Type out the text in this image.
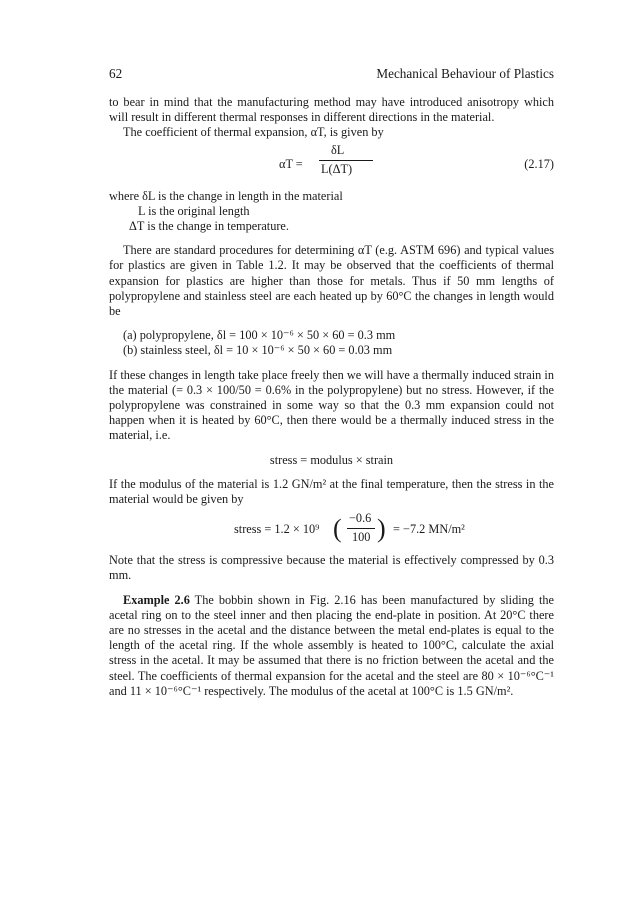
62	Mechanical Behaviour of Plastics

to bear in mind that the manufacturing method may have introduced anisotropy which will result in different thermal responses in different directions in the material.

The coefficient of thermal expansion, αT, is given by

αT =
δL
L(ΔT)	(2.17)
where δL is the change in length in the material
L is the original length
ΔT is the change in temperature.

There are standard procedures for determining αT (e.g. ASTM 696) and typical values for plastics are given in Table 1.2. It may be observed that the coefficients of thermal expansion for plastics are higher than those for metals. Thus if 50 mm lengths of polypropylene and stainless steel are each heated up by 60°C the changes in length would be

(a) polypropylene, δl = 100 × 10⁻⁶ × 50 × 60 = 0.3 mm
(b) stainless steel, δl = 10 × 10⁻⁶ × 50 × 60 = 0.03 mm

If these changes in length take place freely then we will have a thermally induced strain in the material (= 0.3 × 100/50 = 0.6% in the polypropylene) but no stress. However, if the polypropylene was constrained in some way so that the 0.3 mm expansion could not happen when it is heated by 60°C, then there would be a thermally induced stress in the material, i.e.

stress = modulus × strain

If the modulus of the material is 1.2 GN/m² at the final temperature, then the stress in the material would be given by

stress = 1.2 × 10⁹ ( −0.6
100 ) = −7.2 MN/m²

Note that the stress is compressive because the material is effectively compressed by 0.3 mm.

Example 2.6 The bobbin shown in Fig. 2.16 has been manufactured by sliding the acetal ring on to the steel inner and then placing the end-plate in position. At 20°C there are no stresses in the acetal and the distance between the metal end-plates is equal to the length of the acetal ring. If the whole assembly is heated to 100°C, calculate the axial stress in the acetal. It may be assumed that there is no friction between the acetal and the steel. The coefficients of thermal expansion for the acetal and the steel are 80 × 10⁻⁶°C⁻¹ and 11 × 10⁻⁶°C⁻¹ respectively. The modulus of the acetal at 100°C is 1.5 GN/m².
